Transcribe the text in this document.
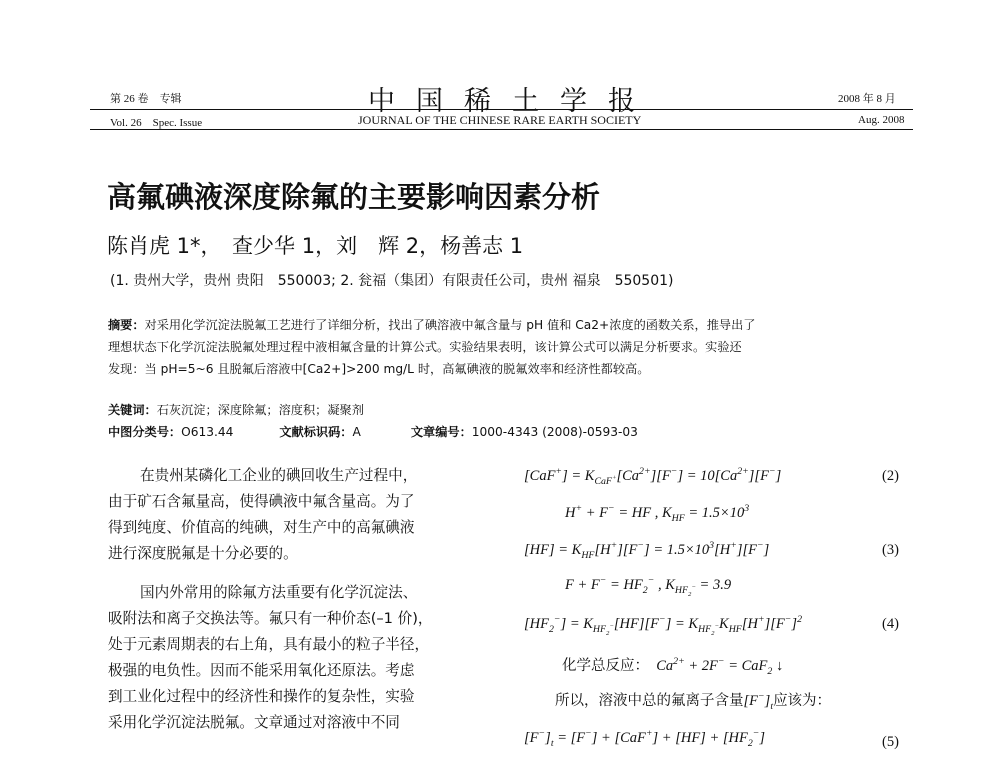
第 26 卷　专辑	中国稀土学报	2008 年 8 月
Vol. 26　Spec. Issue	JOURNAL OF THE CHINESE RARE EARTH SOCIETY	Aug. 2008
高氟碘液深度除氟的主要影响因素分析
陈肖虎 1*，　查少华 1，刘　辉 2，杨善志 1
(1. 贵州大学，贵州 贵阳　550003; 2. 瓮福（集团）有限责任公司，贵州 福泉　550501)
摘要：对采用化学沉淀法脱氟工艺进行了详细分析，找出了碘溶液中氟含量与 pH 值和 Ca2+浓度的函数关系，推导出了
理想状态下化学沉淀法脱氟处理过程中液相氟含量的计算公式。实验结果表明，该计算公式可以满足分析要求。实验还
发现：当 pH=5~6 且脱氟后溶液中[Ca2+]>200 mg/L 时，高氟碘液的脱氟效率和经济性都较高。
关键词：石灰沉淀；深度除氟；溶度积；凝聚剂
中图分类号：O613.44	文献标识码：A	文章编号：1000-4343 (2008)-0593-03
在贵州某磷化工企业的碘回收生产过程中，
由于矿石含氟量高，使得碘液中氟含量高。为了
得到纯度、价值高的纯碘，对生产中的高氟碘液
进行深度脱氟是十分必要的。
国内外常用的除氟方法重要有化学沉淀法、
吸附法和离子交换法等。氟只有一种价态(–1 价)，
处于元素周期表的右上角，具有最小的粒子半径，
极强的电负性。因而不能采用氧化还原法。考虑
到工业化过程中的经济性和操作的复杂性，实验
采用化学沉淀法脱氟。文章通过对溶液中不同
$[CaF^+] = K_{CaF^+}[Ca^{2+}][F^-] = 10[Ca^{2+}][F^-]$	(2)
H+ + F− = HF , $K_{HF} = 1.5\times 10^3$
$[HF] = K_{HF}[H^+][F^-] = 1.5\times 10^3[H^+][F^-]$	(3)
$F + F^- = HF_2^-$ , $K_{HF_2^-} = 3.9$
$[HF_2^-] = K_{HF_2^-}[HF][F^-] = K_{HF_2^-}K_{HF}[H^+][F^-]^2$	(4)
化学总反应：  $Ca^{2+} + 2F^- = CaF_2$ ↓
所以，溶液中总的氟离子含量$[F^-]_t$应该为：
$[F^-]_t = [F^-] + [CaF^+] + [HF] + [HF_2^-]$	(5)
